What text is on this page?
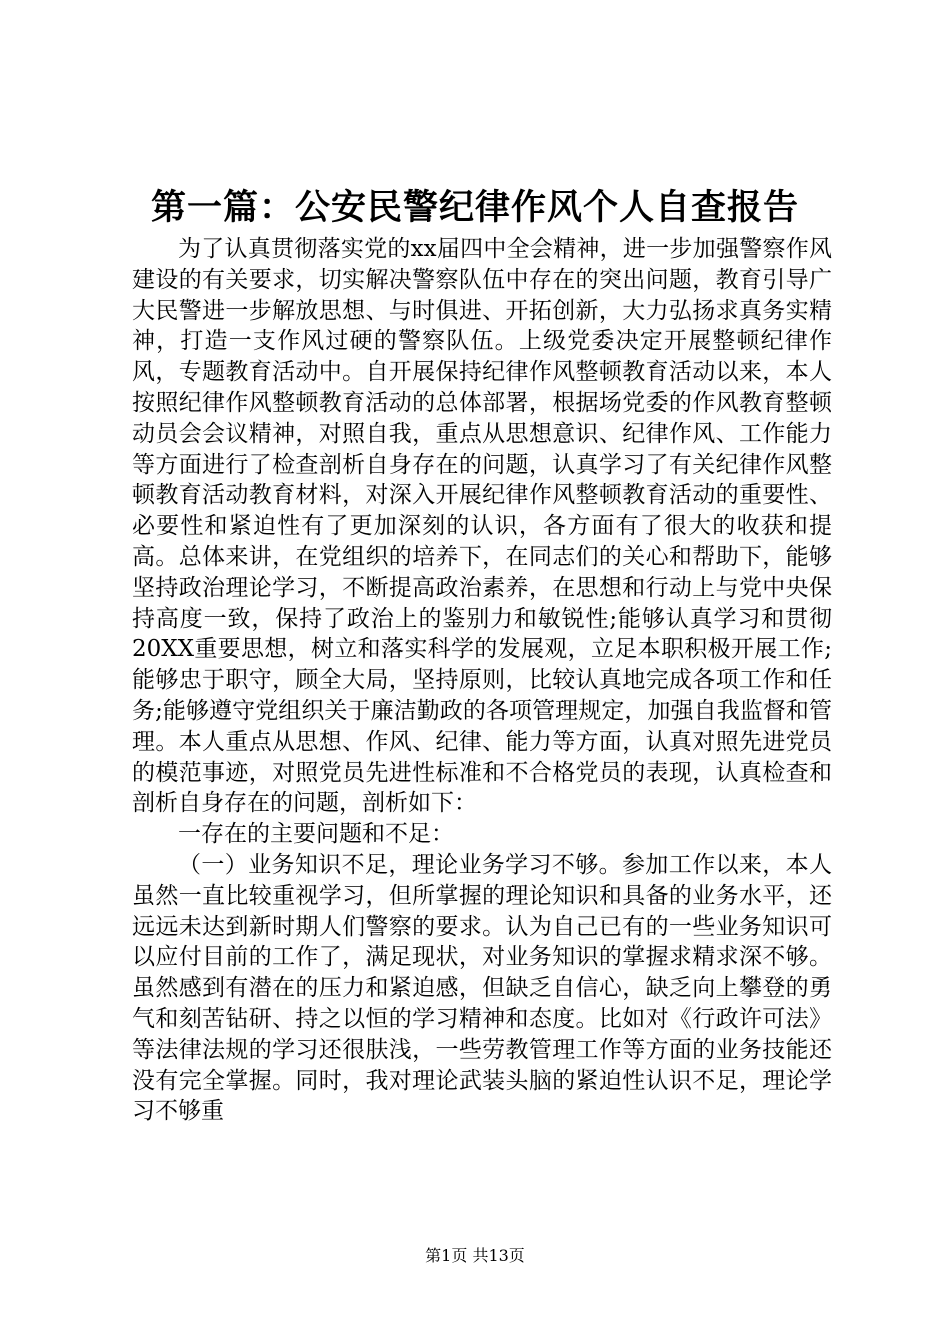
第一篇：公安民警纪律作风个人自查报告

为了认真贯彻落实党的xx届四中全会精神，进一步加强警察作风建设的有关要求，切实解决警察队伍中存在的突出问题，教育引导广大民警进一步解放思想、与时俱进、开拓创新，大力弘扬求真务实精神，打造一支作风过硬的警察队伍。上级党委决定开展整顿纪律作风，专题教育活动中。自开展保持纪律作风整顿教育活动以来，本人按照纪律作风整顿教育活动的总体部署，根据场党委的作风教育整顿动员会会议精神，对照自我，重点从思想意识、纪律作风、工作能力等方面进行了检查剖析自身存在的问题，认真学习了有关纪律作风整顿教育活动教育材料，对深入开展纪律作风整顿教育活动的重要性、必要性和紧迫性有了更加深刻的认识，各方面有了很大的收获和提高。总体来讲，在党组织的培养下，在同志们的关心和帮助下，能够坚持政治理论学习，不断提高政治素养，在思想和行动上与党中央保持高度一致，保持了政治上的鉴别力和敏锐性;能够认真学习和贯彻20XX重要思想，树立和落实科学的发展观，立足本职积极开展工作;能够忠于职守，顾全大局，坚持原则，比较认真地完成各项工作和任务;能够遵守党组织关于廉洁勤政的各项管理规定，加强自我监督和管理。本人重点从思想、作风、纪律、能力等方面，认真对照先进党员的模范事迹，对照党员先进性标准和不合格党员的表现，认真检查和剖析自身存在的问题，剖析如下：

一存在的主要问题和不足：

（一）业务知识不足，理论业务学习不够。参加工作以来，本人虽然一直比较重视学习，但所掌握的理论知识和具备的业务水平，还远远未达到新时期人们警察的要求。认为自己已有的一些业务知识可以应付目前的工作了，满足现状，对业务知识的掌握求精求深不够。虽然感到有潜在的压力和紧迫感，但缺乏自信心，缺乏向上攀登的勇气和刻苦钻研、持之以恒的学习精神和态度。比如对《行政许可法》等法律法规的学习还很肤浅，一些劳教管理工作等方面的业务技能还没有完全掌握。同时，我对理论武装头脑的紧迫性认识不足，理论学习不够重

第1页 共13页
